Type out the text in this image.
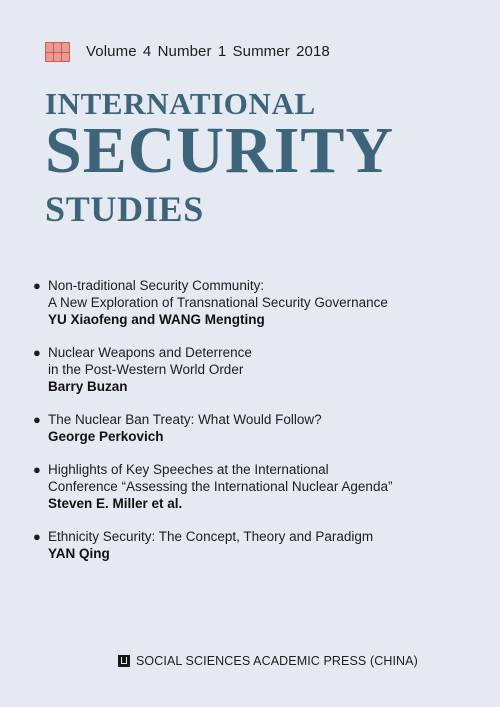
Volume 4 Number 1 Summer 2018
INTERNATIONAL
SECURITY
STUDIES
● Non-traditional Security Community:
A New Exploration of Transnational Security Governance
YU Xiaofeng and WANG Mengting
● Nuclear Weapons and Deterrence
in the Post-Western World Order
Barry Buzan
● The Nuclear Ban Treaty: What Would Follow?
George Perkovich
● Highlights of Key Speeches at the International
Conference “Assessing the International Nuclear Agenda”
Steven E. Miller et al.
● Ethnicity Security: The Concept, Theory and Paradigm
YAN Qing
SOCIAL SCIENCES ACADEMIC PRESS (CHINA)
